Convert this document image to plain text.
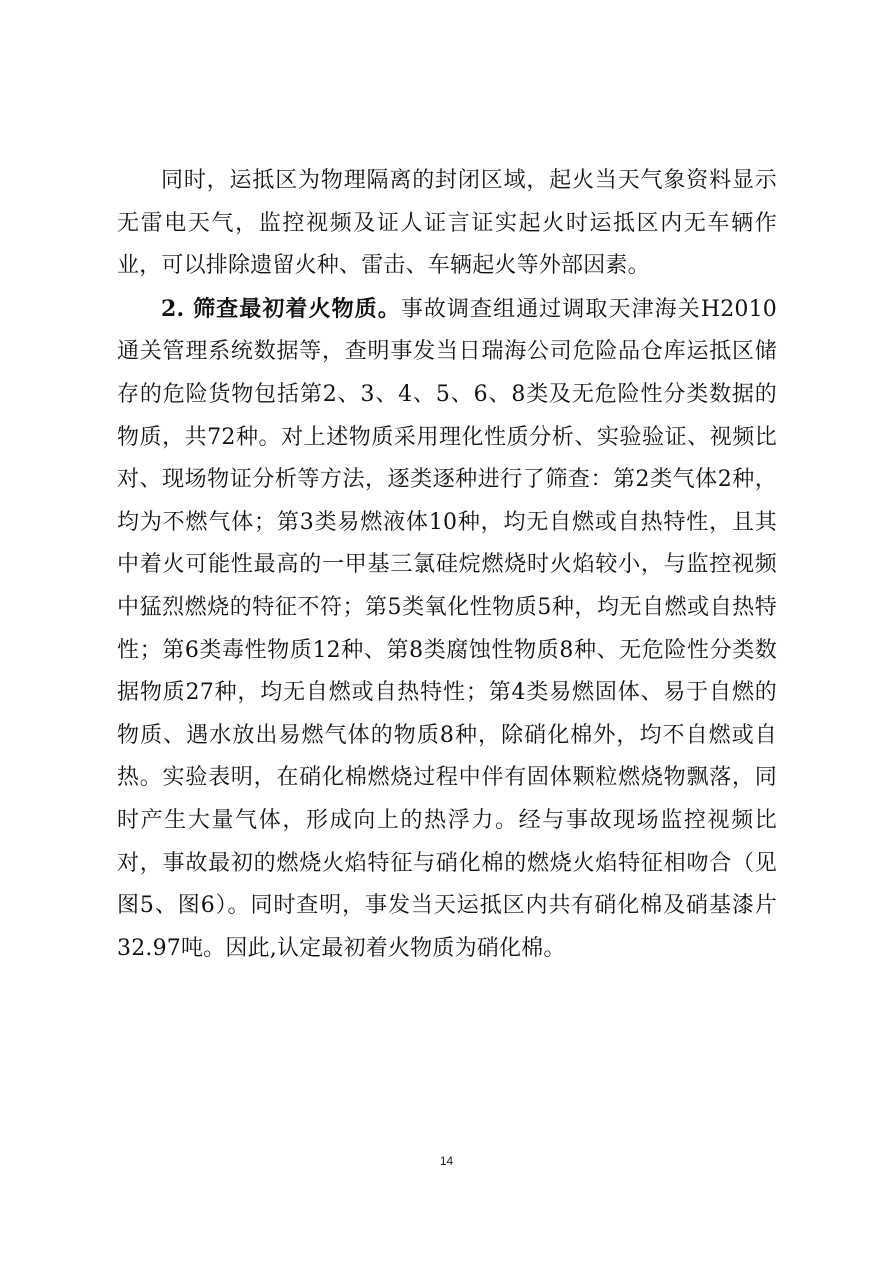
同时，运抵区为物理隔离的封闭区域，起火当天气象资料显示无雷电天气，监控视频及证人证言证实起火时运抵区内无车辆作业，可以排除遗留火种、雷击、车辆起火等外部因素。

2. 筛查最初着火物质。事故调查组通过调取天津海关H2010通关管理系统数据等，查明事发当日瑞海公司危险品仓库运抵区储存的危险货物包括第2、3、4、5、6、8类及无危险性分类数据的物质，共72种。对上述物质采用理化性质分析、实验验证、视频比对、现场物证分析等方法，逐类逐种进行了筛查：第2类气体2种，均为不燃气体；第3类易燃液体10种，均无自燃或自热特性，且其中着火可能性最高的一甲基三氯硅烷燃烧时火焰较小，与监控视频中猛烈燃烧的特征不符；第5类氧化性物质5种，均无自燃或自热特性；第6类毒性物质12种、第8类腐蚀性物质8种、无危险性分类数据物质27种，均无自燃或自热特性；第4类易燃固体、易于自燃的物质、遇水放出易燃气体的物质8种，除硝化棉外，均不自燃或自热。实验表明，在硝化棉燃烧过程中伴有固体颗粒燃烧物飘落，同时产生大量气体，形成向上的热浮力。经与事故现场监控视频比对，事故最初的燃烧火焰特征与硝化棉的燃烧火焰特征相吻合（见图5、图6）。同时查明，事发当天运抵区内共有硝化棉及硝基漆片32.97吨。因此,认定最初着火物质为硝化棉。

14
